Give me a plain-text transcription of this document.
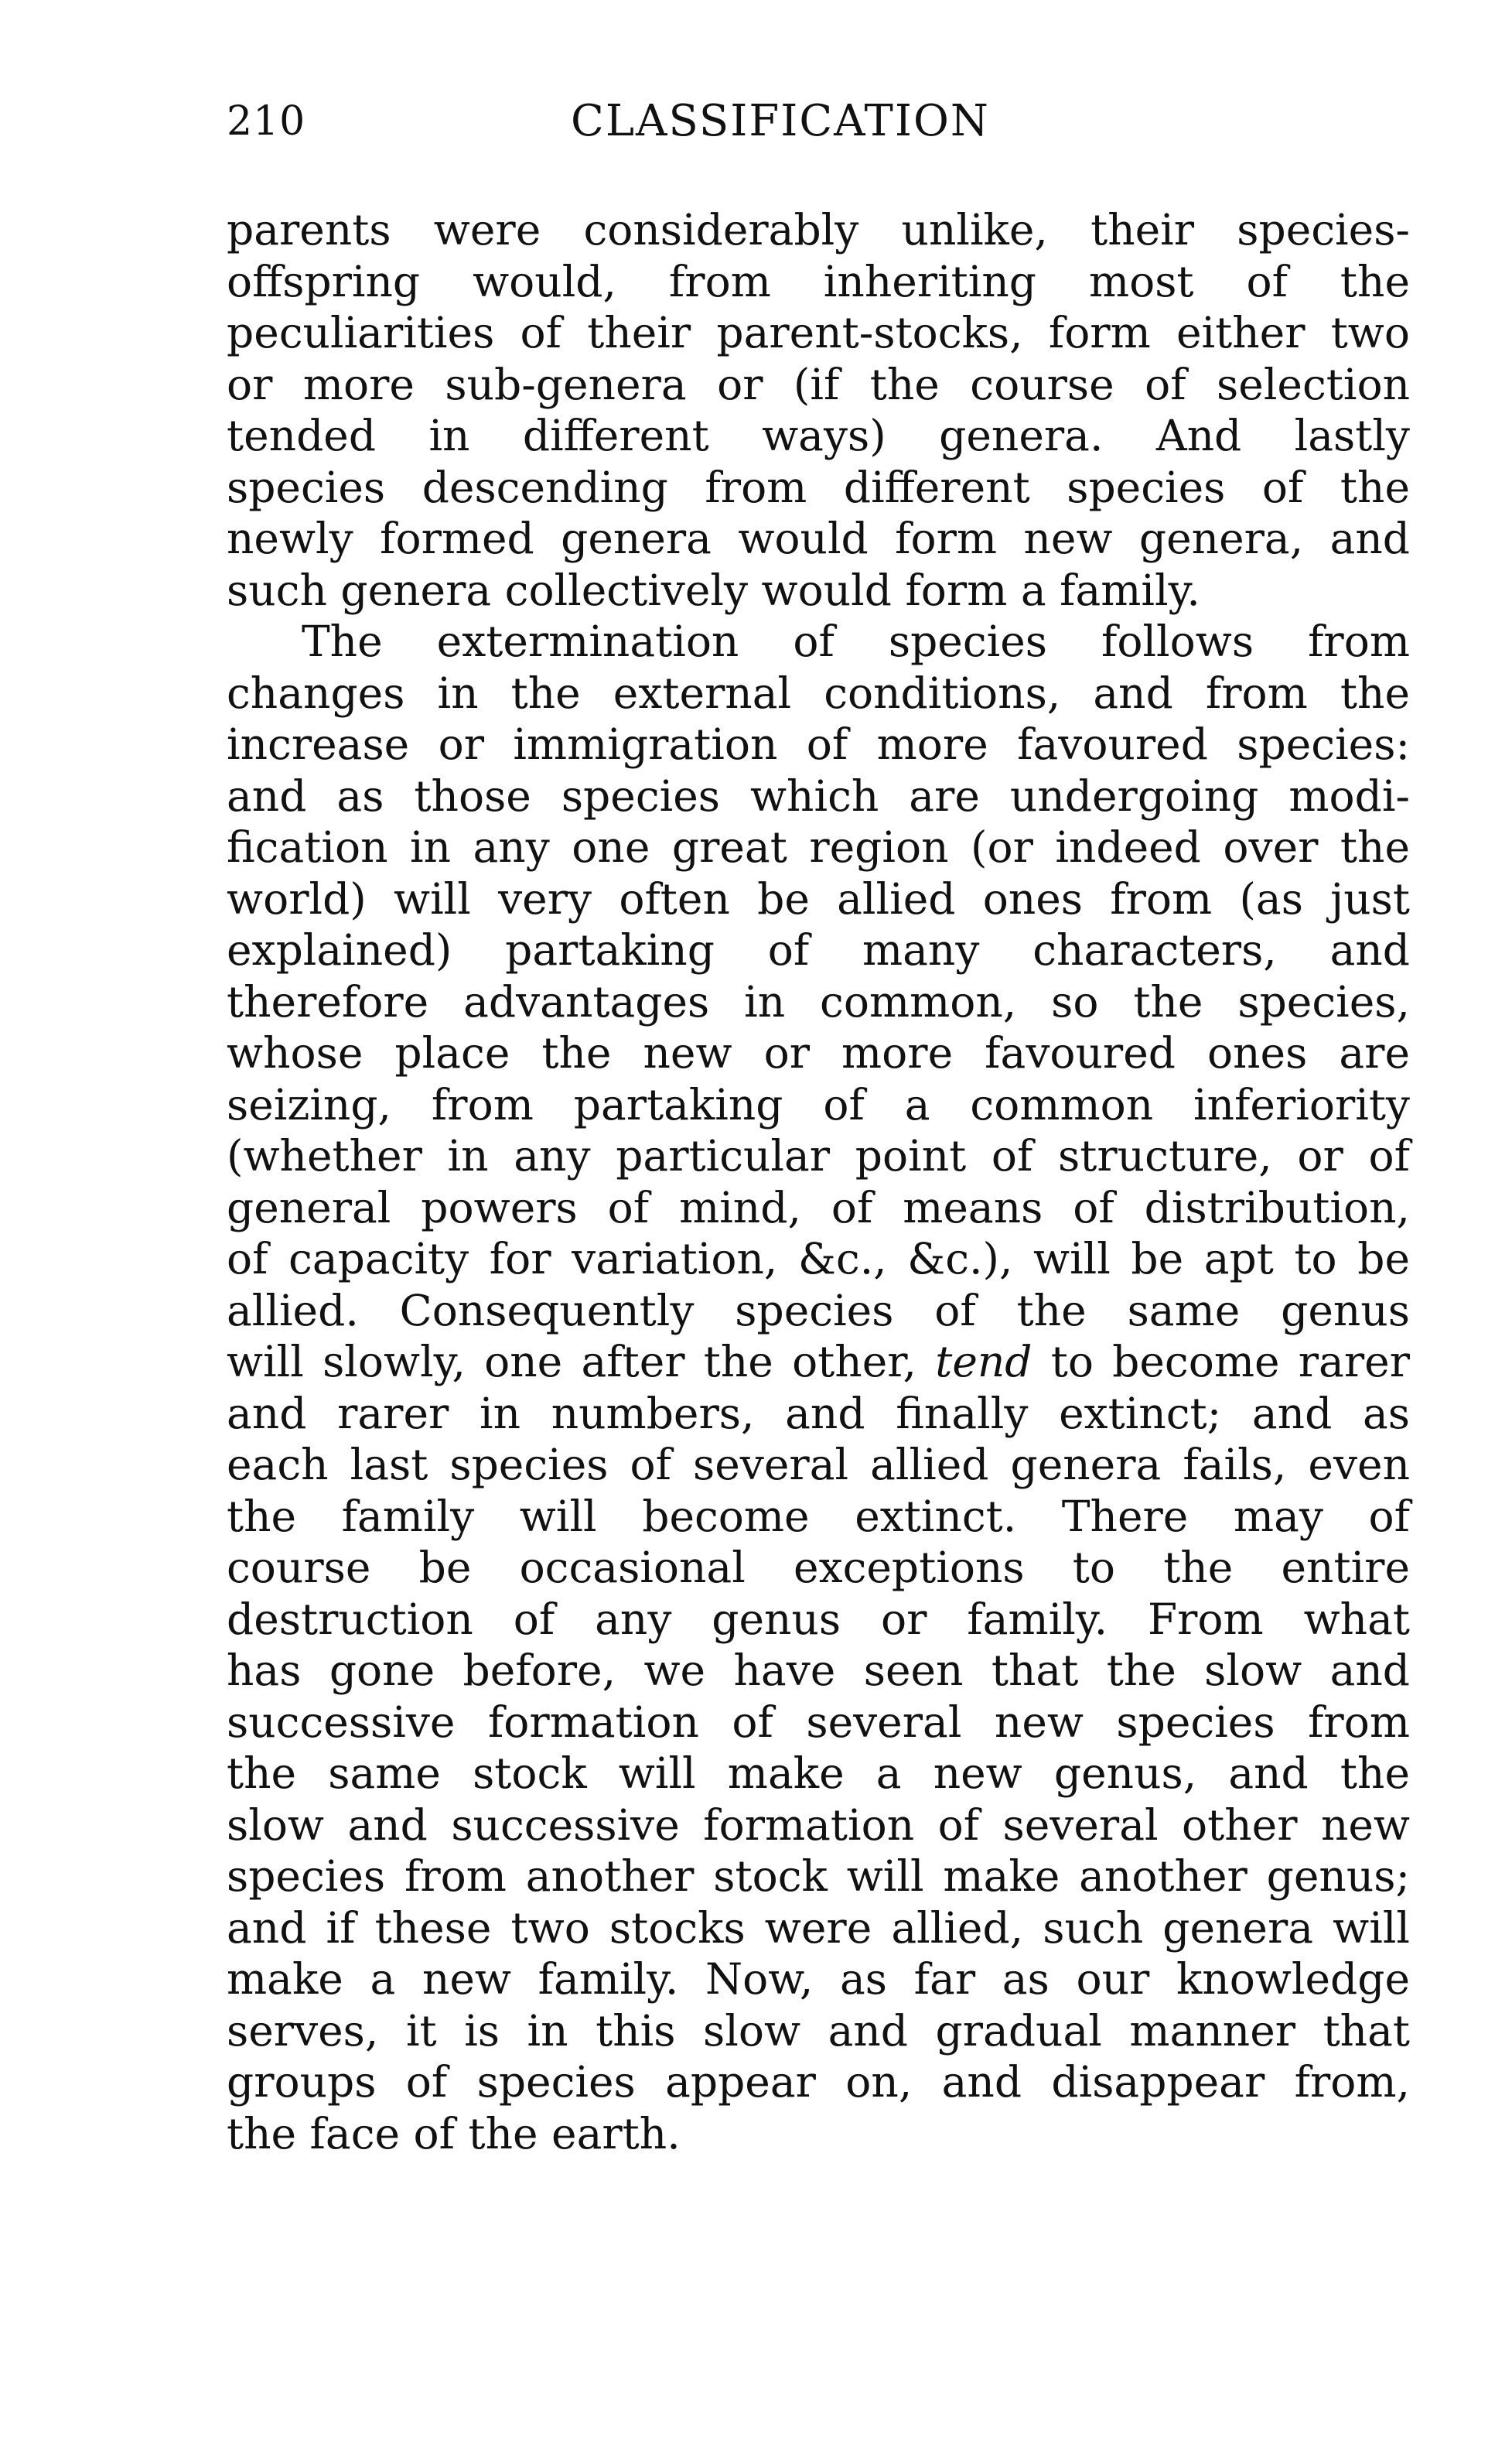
210	CLASSIFICATION
parents were considerably unlike, their species-
offspring would, from inheriting most of the
peculiarities of their parent-stocks, form either two
or more sub-genera or (if the course of selection
tended in different ways) genera. And lastly
species descending from different species of the
newly formed genera would form new genera, and
such genera collectively would form a family.
The extermination of species follows from
changes in the external conditions, and from the
increase or immigration of more favoured species:
and as those species which are undergoing modi-
fication in any one great region (or indeed over the
world) will very often be allied ones from (as just
explained) partaking of many characters, and
therefore advantages in common, so the species,
whose place the new or more favoured ones are
seizing, from partaking of a common inferiority
(whether in any particular point of structure, or of
general powers of mind, of means of distribution,
of capacity for variation, &c., &c.), will be apt to be
allied. Consequently species of the same genus
will slowly, one after the other, tend to become rarer
and rarer in numbers, and finally extinct; and as
each last species of several allied genera fails, even
the family will become extinct. There may of
course be occasional exceptions to the entire
destruction of any genus or family. From what
has gone before, we have seen that the slow and
successive formation of several new species from
the same stock will make a new genus, and the
slow and successive formation of several other new
species from another stock will make another genus;
and if these two stocks were allied, such genera will
make a new family. Now, as far as our knowledge
serves, it is in this slow and gradual manner that
groups of species appear on, and disappear from,
the face of the earth.
